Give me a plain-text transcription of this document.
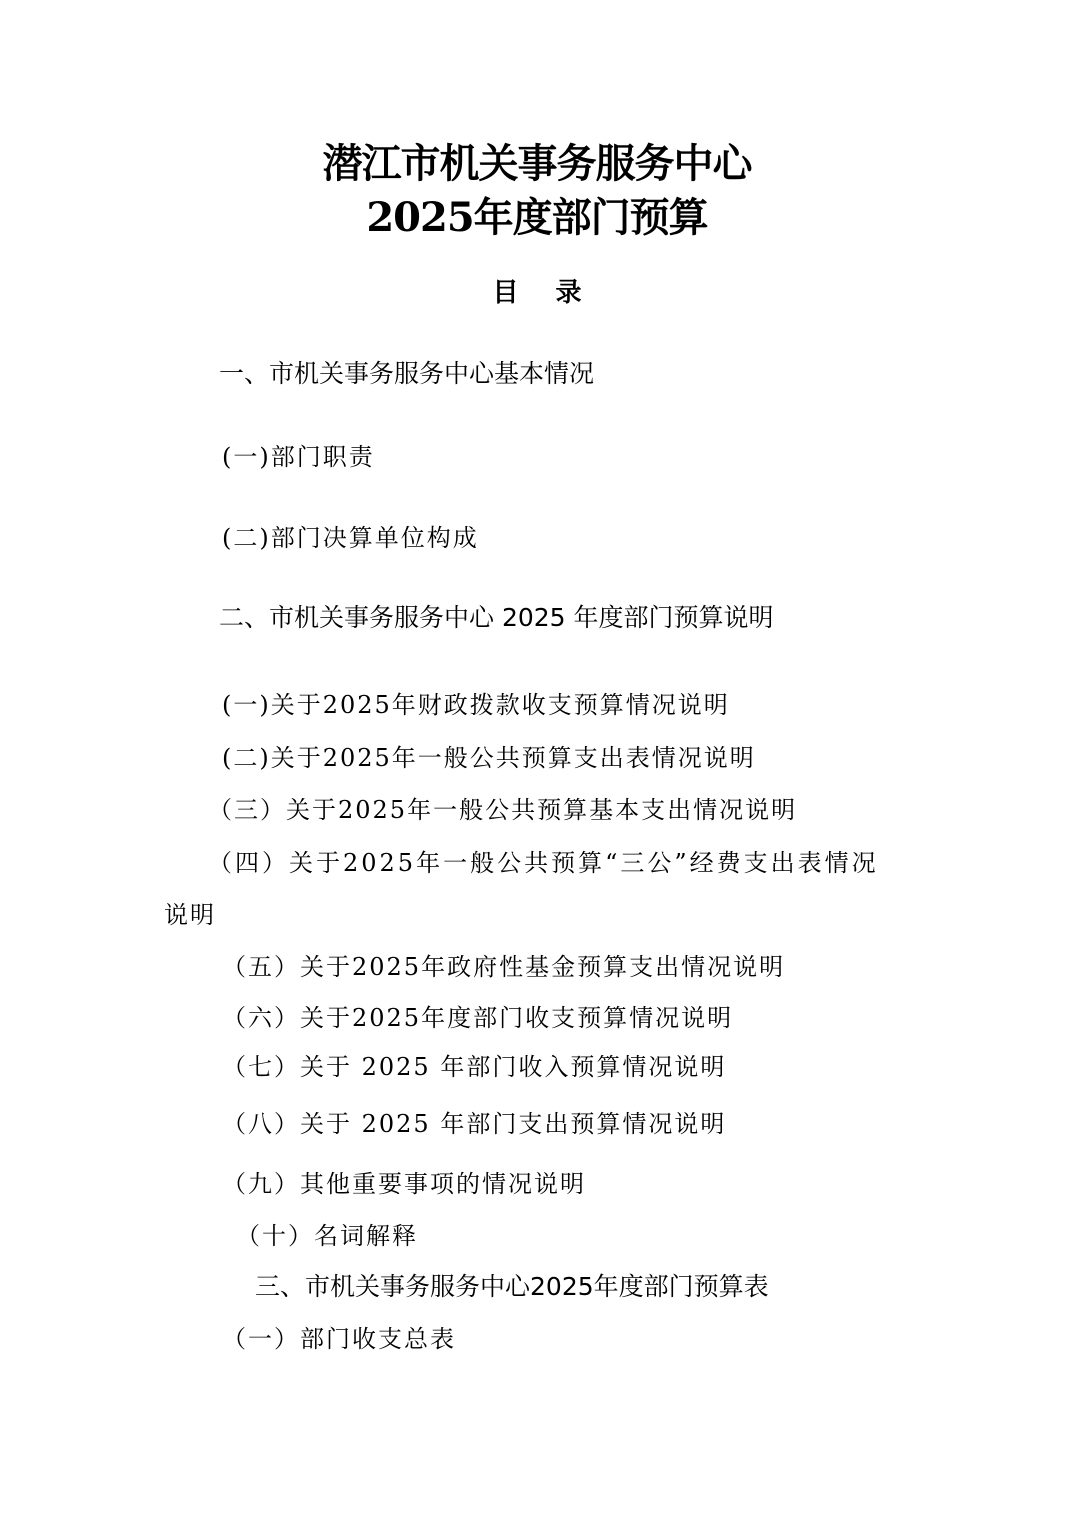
潜江市机关事务服务中心

2025年度部门预算

目 录

一、市机关事务服务中心基本情况

(一)部门职责

(二)部门决算单位构成

二、市机关事务服务中心 2025 年度部门预算说明

(一)关于2025年财政拨款收支预算情况说明

(二)关于2025年一般公共预算支出表情况说明

（三）关于2025年一般公共预算基本支出情况说明

（四）关于2025年一般公共预算“三公”经费支出表情况

说明

（五）关于2025年政府性基金预算支出情况说明

（六）关于2025年度部门收支预算情况说明

（七）关于 2025 年部门收入预算情况说明

（八）关于 2025 年部门支出预算情况说明

（九）其他重要事项的情况说明

（十）名词解释

三、市机关事务服务中心2025年度部门预算表

（一）部门收支总表
